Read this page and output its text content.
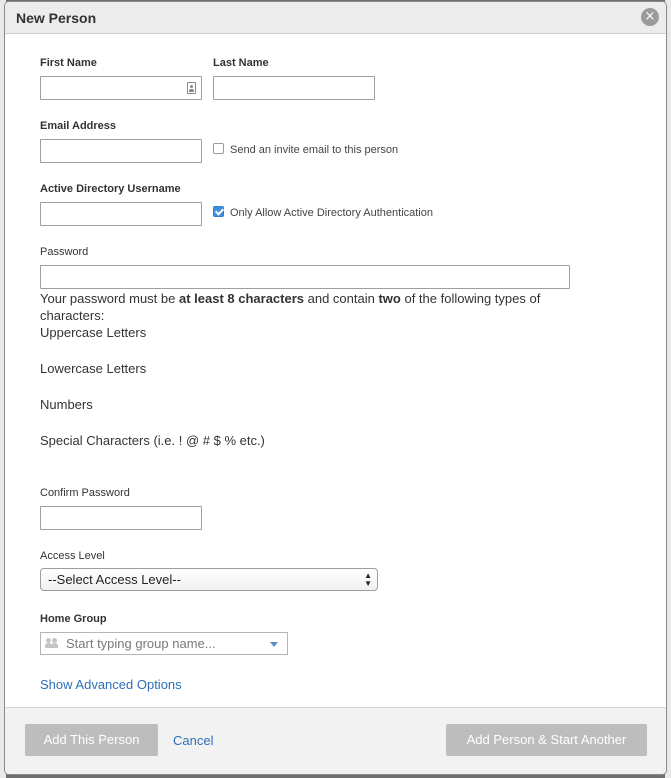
New Person	×
First Name	Last Name
Email Address
Send an invite email to this person
Active Directory Username
Only Allow Active Directory Authentication
Password
Your password must be at least 8 characters and contain two of the following types of characters:
Uppercase Letters
Lowercase Letters
Numbers
Special Characters (i.e. ! @ # $ % etc.)
Confirm Password
Access Level
--Select Access Level--	▲
▼
Home Group
Start typing group name...
Show Advanced Options
Add This Person	Cancel	Add Person & Start Another
